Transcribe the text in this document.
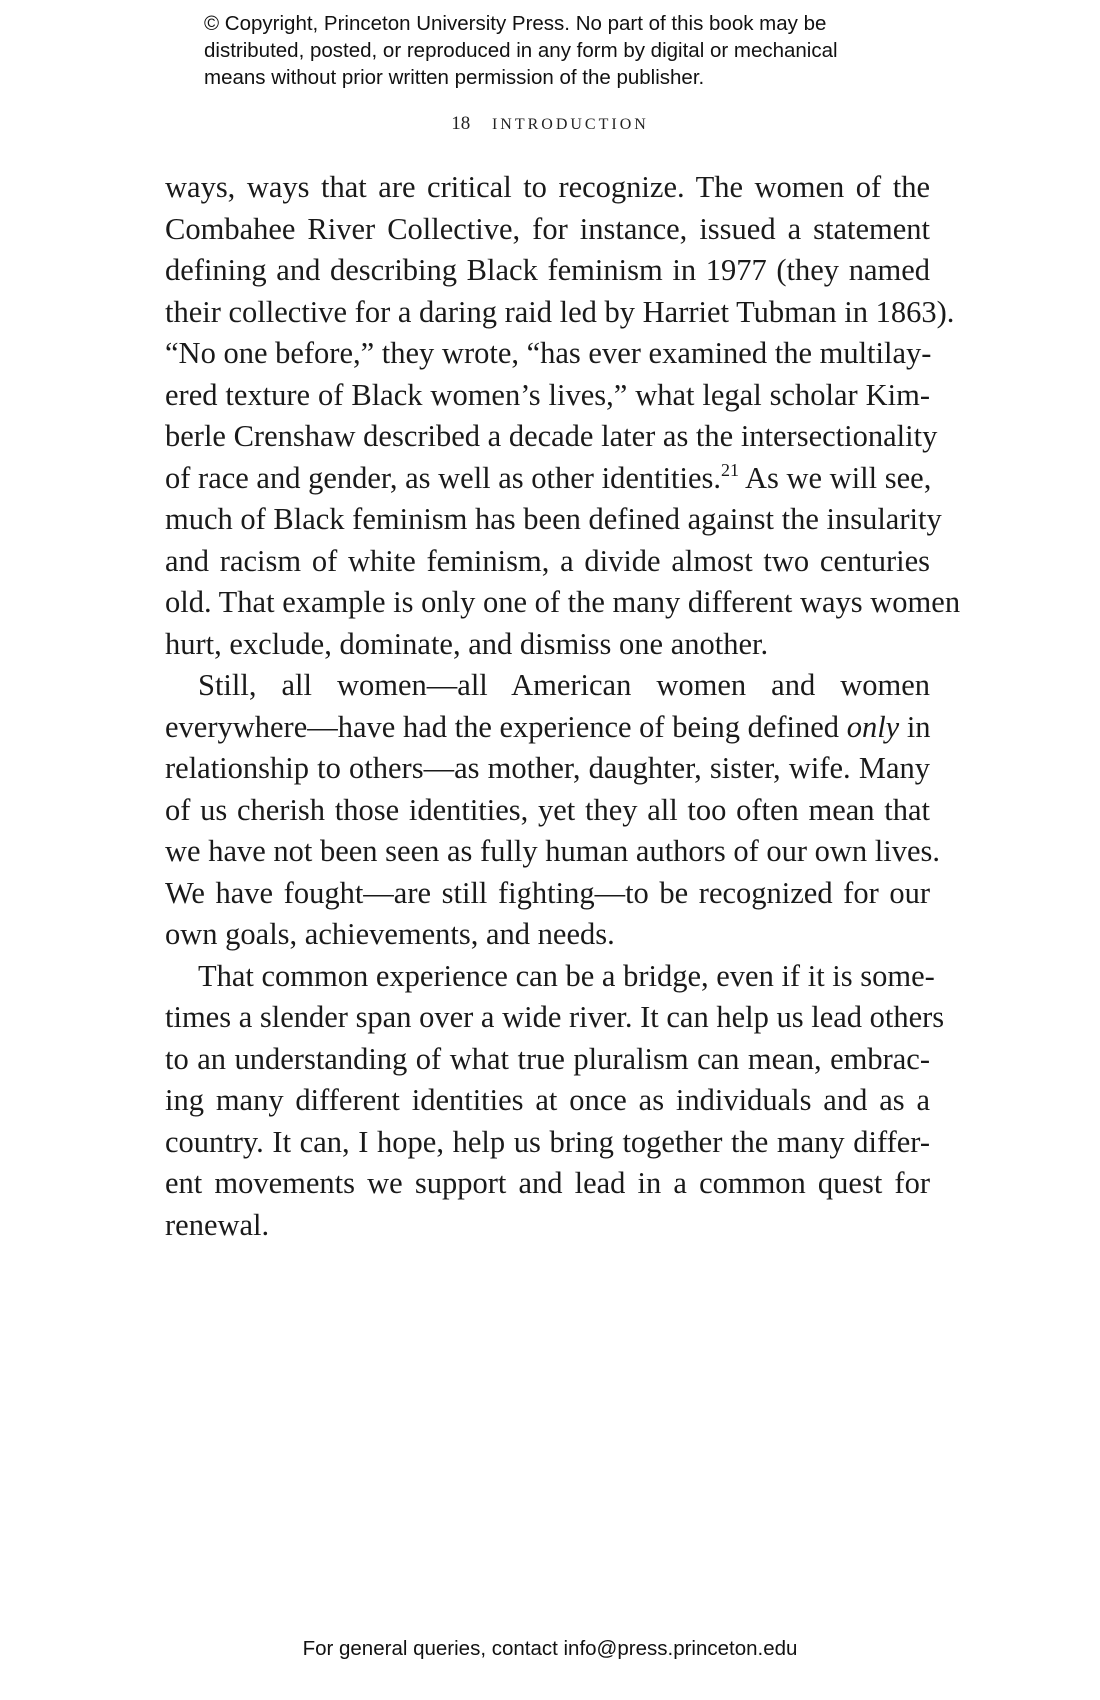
© Copyright, Princeton University Press. No part of this book may be
distributed, posted, or reproduced in any form by digital or mechanical
means without prior written permission of the publisher.
18 INTRODUCTION
ways, ways that are critical to recognize. The women of the
Combahee River Collective, for instance, issued a statement
defining and describing Black feminism in 1977 (they named
their collective for a daring raid led by Harriet Tubman in 1863).
“No one before,” they wrote, “has ever examined the multilay-
ered texture of Black women’s lives,” what legal scholar Kim-
berle Crenshaw described a decade later as the intersectionality
of race and gender, as well as other identities.$^{21}$ As we will see,
much of Black feminism has been defined against the insularity
and racism of white feminism, a divide almost two centuries
old. That example is only one of the many different ways women
hurt, exclude, dominate, and dismiss one another.
Still, all women—all American women and women
everywhere—have had the experience of being defined only in
relationship to others—as mother, daughter, sister, wife. Many
of us cherish those identities, yet they all too often mean that
we have not been seen as fully human authors of our own lives.
We have fought—are still fighting—to be recognized for our
own goals, achievements, and needs.
That common experience can be a bridge, even if it is some-
times a slender span over a wide river. It can help us lead others
to an understanding of what true pluralism can mean, embrac-
ing many different identities at once as individuals and as a
country. It can, I hope, help us bring together the many differ-
ent movements we support and lead in a common quest for
renewal.
For general queries, contact info@press.princeton.edu
